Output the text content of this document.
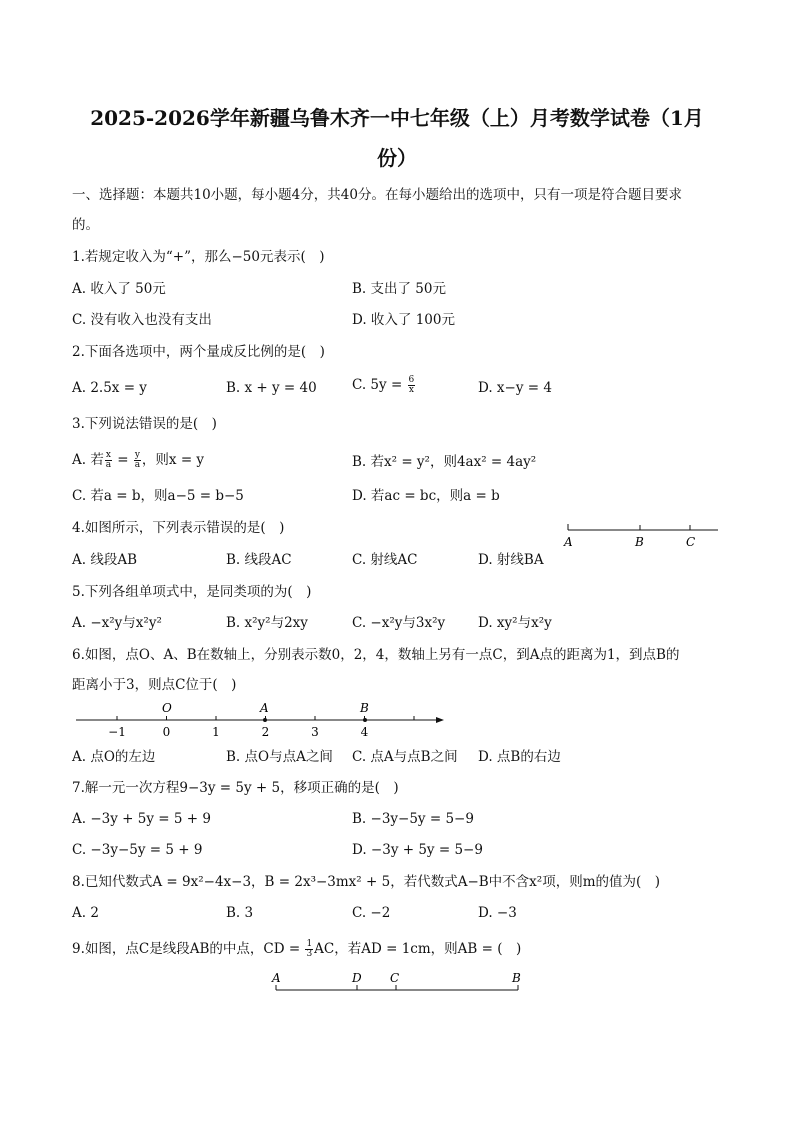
2025-2026学年新疆乌鲁木齐一中七年级（上）月考数学试卷（1月
份）
一、选择题：本题共10小题，每小题4分，共40分。在每小题给出的选项中，只有一项是符合题目要求
的。
1.若规定收入为“+”，那么−50元表示(　)
A. 收入了 50元	B. 支出了 50元
C. 没有收入也没有支出	D. 收入了 100元
2.下面各选项中，两个量成反比例的是(　)
A. 2.5x = y	B. x + y = 40	C. $5y = \frac{6}{x}$	D. x−y = 4
3.下列说法错误的是(　)
A. 若 $\frac{x}{a} = \frac{y}{a}$ ，则x = y	B. 若x² = y²，则4ax² = 4ay²
C. 若a = b，则a−5 = b−5	D. 若ac = bc，则a = b
4.如图所示，下列表示错误的是(　)
A	B	C
A. 线段AB	B. 线段AC	C. 射线AC	D. 射线BA
5.下列各组单项式中，是同类项的为(　)
A. −x²y与x²y²	B. x²y²与2xy	C. −x²y与3x²y D. xy²与x²y
6.如图，点O、A、B在数轴上，分别表示数0，2，4，数轴上另有一点C，到A点的距离为1，到点B的
距离小于3，则点C位于(　)
−1	0	1	2	3	4
O	A	B
A. 点O的左边	B. 点O与点A之间 C. 点A与点B之间 D. 点B的右边
7.解一元一次方程9−3y = 5y + 5，移项正确的是(　)
A. −3y + 5y = 5 + 9	B. −3y−5y = 5−9
C. −3y−5y = 5 + 9	D. −3y + 5y = 5−9
8.已知代数式A = 9x²−4x−3，B = 2x³−3mx² + 5，若代数式A−B中不含x²项，则m的值为(　)
A. 2	B. 3	C. −2	D. −3
9.如图，点C是线段AB的中点，CD = $\frac{1}{3}$ AC，若AD = 1cm，则AB = (　)
A	D C	B
